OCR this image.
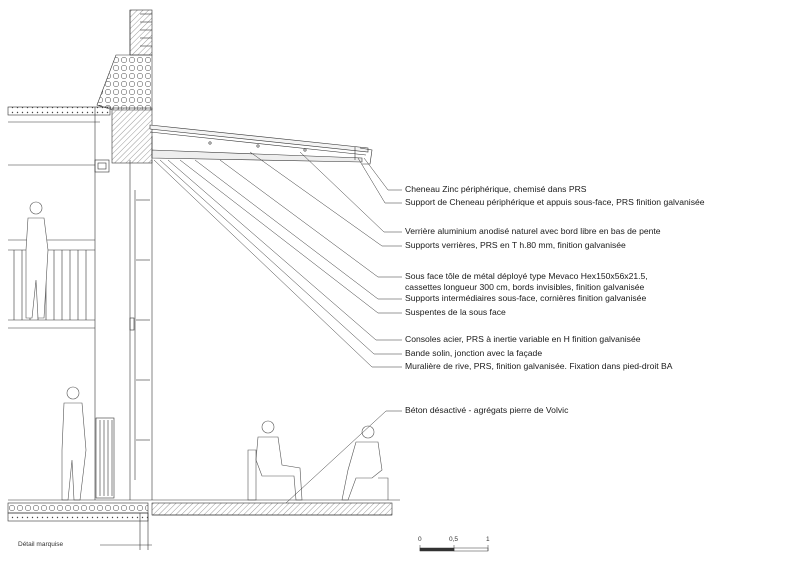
Cheneau Zinc périphérique, chemisé dans PRS
Support de Cheneau périphérique et appuis sous-face, PRS finition galvanisée
Verrière aluminium anodisé naturel avec bord libre en bas de pente
Supports verrières, PRS en T h.80 mm, finition galvanisée
Sous face tôle de métal déployé type Mevaco Hex150x56x21.5,
cassettes longueur 300 cm, bords invisibles, finition galvanisée
Supports intermédiaires sous-face, cornières finition galvanisée
Suspentes de la sous face
Consoles acier, PRS à inertie variable en H finition galvanisée
Bande solin, jonction avec la façade
Muralière de rive, PRS, finition galvanisée. Fixation dans pied-droit BA
Béton désactivé - agrégats pierre de Volvic
Détail marquise
0	0,5	1
